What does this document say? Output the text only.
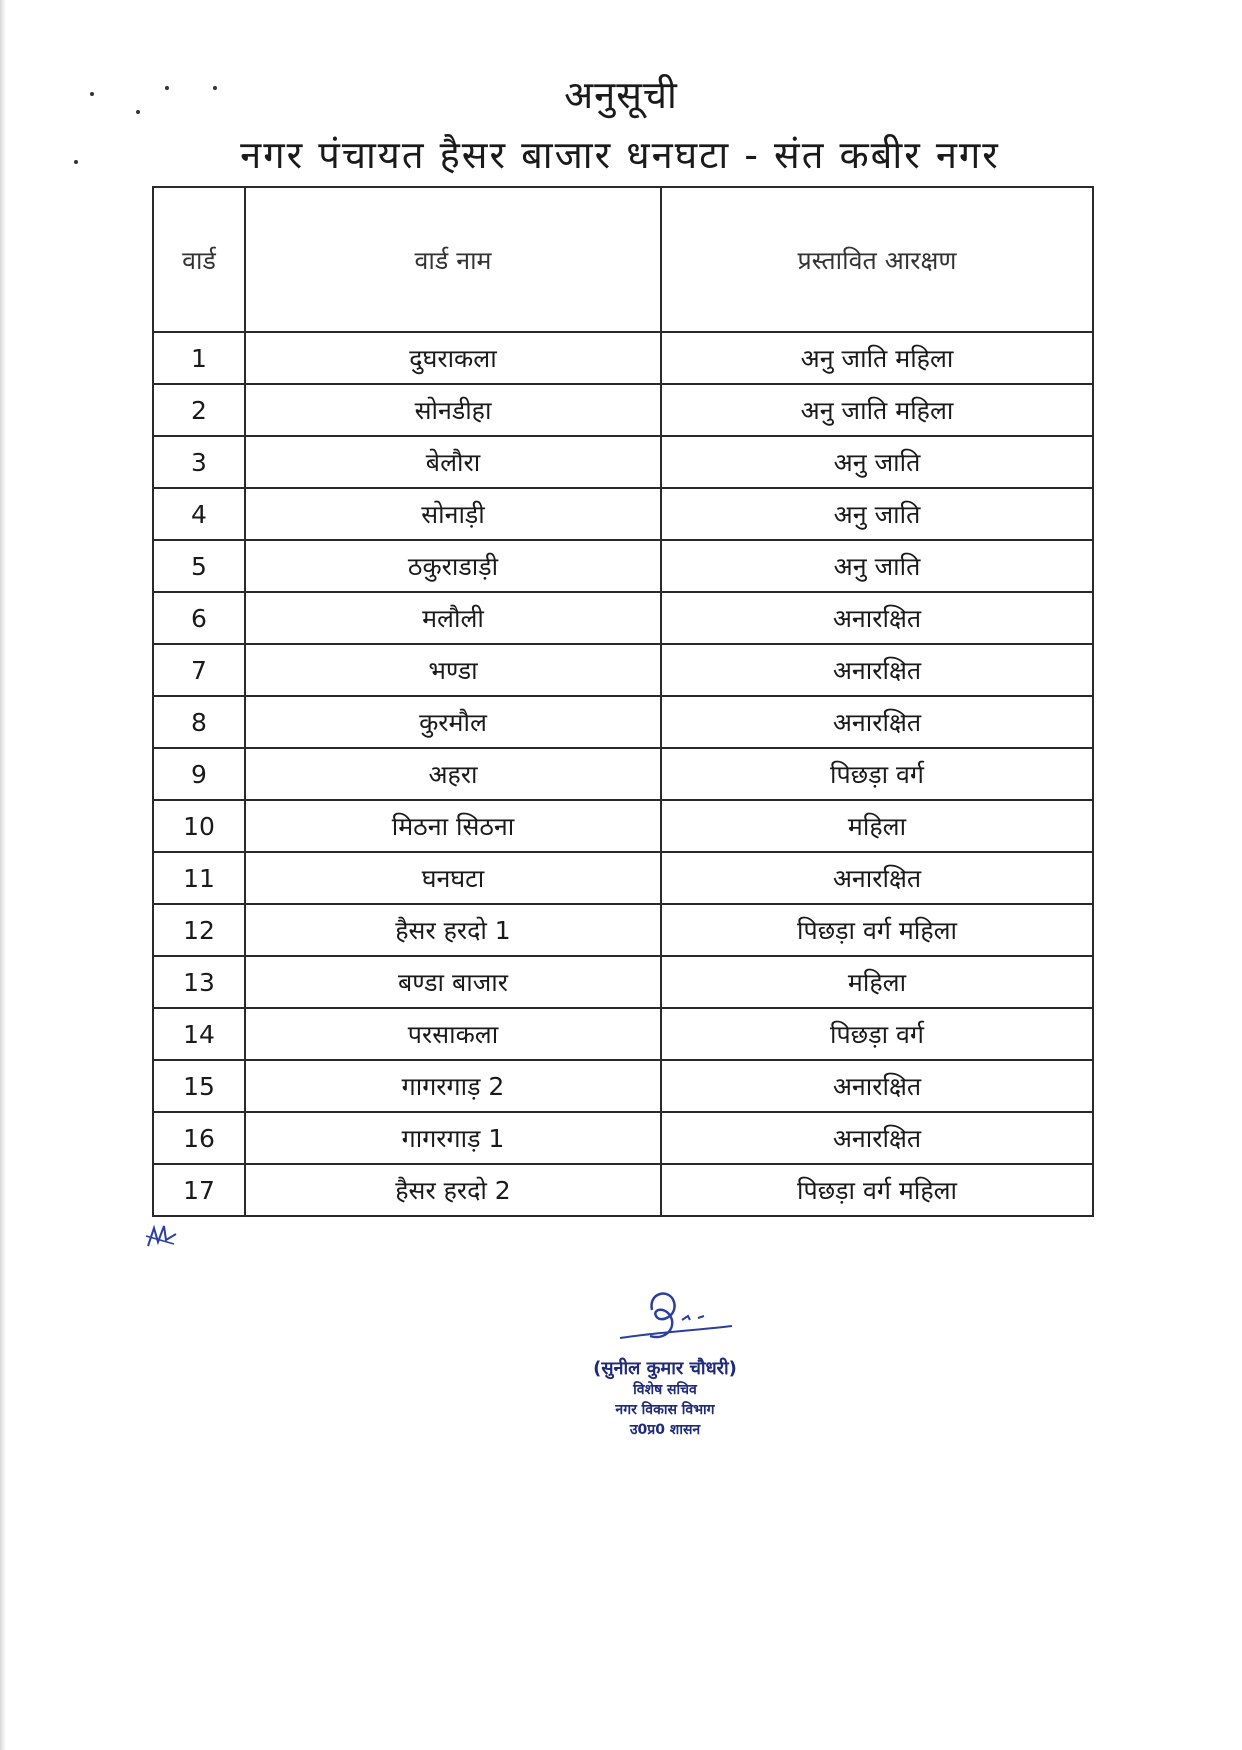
अनुसूची
नगर पंचायत हैसर बाजार धनघटा - संत कबीर नगर
वार्ड	वार्ड नाम	प्रस्तावित आरक्षण
1	दुघराकला	अनु जाति महिला
2	सोनडीहा	अनु जाति महिला
3	बेलौरा	अनु जाति
4	सोनाड़ी	अनु जाति
5	ठकुराडाड़ी	अनु जाति
6	मलौली	अनारक्षित
7	भण्डा	अनारक्षित
8	कुरमौल	अनारक्षित
9	अहरा	पिछड़ा वर्ग
10	मिठना सिठना	महिला
11	घनघटा	अनारक्षित
12	हैसर हरदो 1	पिछड़ा वर्ग महिला
13	बण्डा बाजार	महिला
14	परसाकला	पिछड़ा वर्ग
15	गागरगाड़ 2	अनारक्षित
16	गागरगाड़ 1	अनारक्षित
17	हैसर हरदो 2	पिछड़ा वर्ग महिला
(सुनील कुमार चौधरी)
विशेष सचिव
नगर विकास विभाग
उ0प्र0 शासन
